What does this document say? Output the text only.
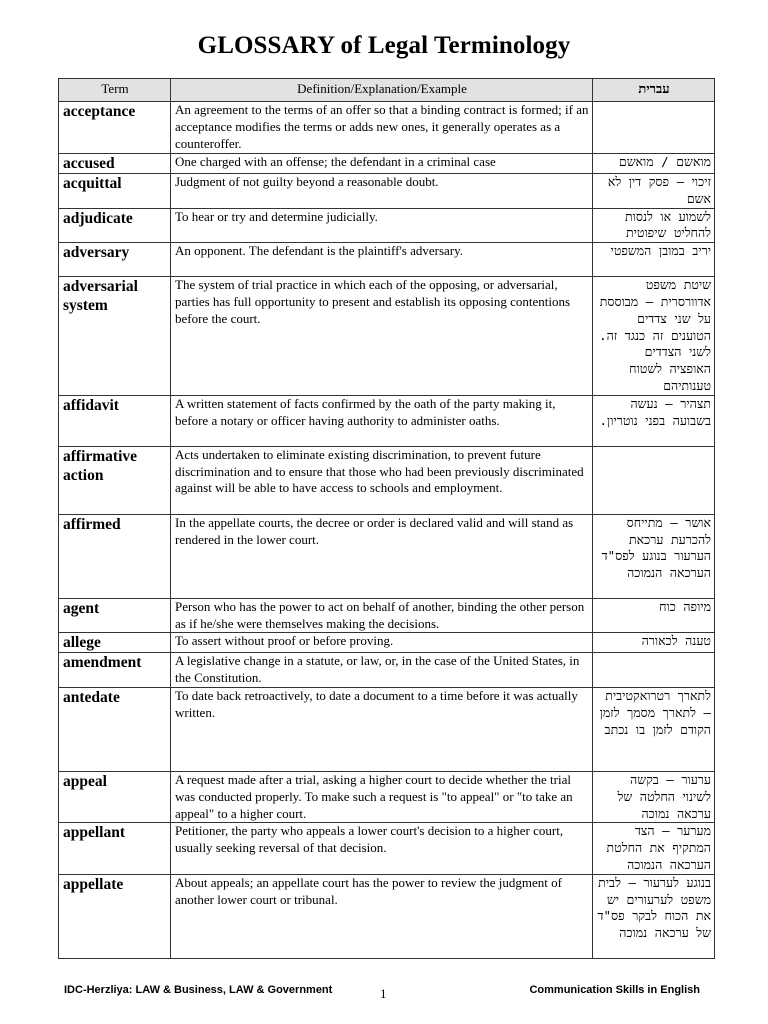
GLOSSARY of Legal Terminology
Term	Definition/Explanation/Example	עברית
acceptance	An agreement to the terms of an offer so that a binding contract is formed; if an acceptance modifies the terms or adds new ones, it generally operates as a counteroffer.	
accused	One charged with an offense; the defendant in a criminal case	מואשם / מואשם
acquittal	Judgment of not guilty beyond a reasonable doubt.	זיכוי – פסק דין לא אשם
adjudicate	To hear or try and determine judicially.	לשמוע או לנסות להחליט שיפוטית
adversary	An opponent. The defendant is the plaintiff's adversary.	יריב במובן המשפטי
adversarial system	The system of trial practice in which each of the opposing, or adversarial, parties has full opportunity to present and establish its opposing contentions before the court.	שיטת משפט אדוורסרית – מבוססת על שני צדדים הטוענים זה כנגד זה. לשני הצדדים האופציה לשטוח טענותיהם
affidavit	A written statement of facts confirmed by the oath of the party making it, before a notary or officer having authority to administer oaths.	תצהיר – נעשה בשבועה בפני נוטריון.
affirmative action	Acts undertaken to eliminate existing discrimination, to prevent future discrimination and to ensure that those who had been previously discriminated against will be able to have access to schools and employment.	
affirmed	In the appellate courts, the decree or order is declared valid and will stand as rendered in the lower court.	אושר – מתייחס להכרעת ערכאת הערעור בנוגע לפס"ד הערכאה הנמוכה
agent	Person who has the power to act on behalf of another, binding the other person as if he/she were themselves making the decisions.	מיופה כוח
allege	To assert without proof or before proving.	טענה לכאורה
amendment	A legislative change in a statute, or law, or, in the case of the United States, in the Constitution.	
antedate	To date back retroactively, to date a document to a time before it was actually written.	לתארך רטרואקטיבית – לתארך מסמך לזמן הקודם לזמן בו נכתב
appeal	A request made after a trial, asking a higher court to decide whether the trial was conducted properly. To make such a request is "to appeal" or "to take an appeal" to a higher court.	ערעור – בקשה לשינוי החלטה של ערכאה נמוכה
appellant	Petitioner, the party who appeals a lower court's decision to a higher court, usually seeking reversal of that decision.	מערער – הצד המתקיף את החלטת הערכאה הנמוכה
appellate	About appeals; an appellate court has the power to review the judgment of another lower court or tribunal.	בנוגע לערעור – לבית משפט לערעורים יש את הכוח לבקר פס"ד של ערכאה נמוכה
IDC-Herzliya: LAW & Business, LAW & Government	1	Communication Skills in English
